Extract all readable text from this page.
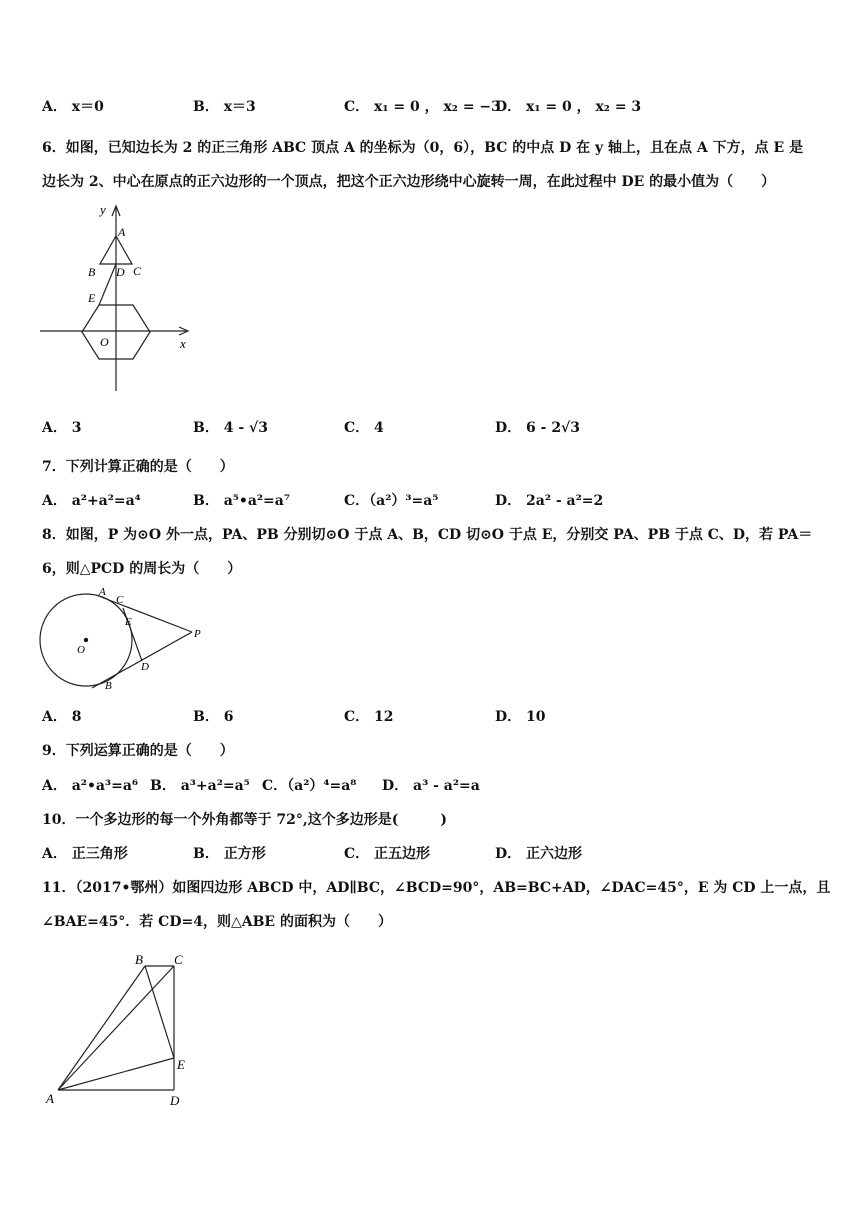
A． x＝0	B． x＝3	C． x₁ = 0 ， x₂ = −3
D． x₁ = 0 ， x₂ = 3
6．如图，已知边长为 2 的正三角形 ABC 顶点 A 的坐标为（0，6），BC 的中点 D 在 y 轴上，且在点 A 下方，点 E 是
边长为 2、中心在原点的正六边形的一个顶点，把这个正六边形绕中心旋转一周，在此过程中 DE 的最小值为（　　）
y
x
A
B D C
E
O
A． 3	B． 4 - √3	C． 4	D． 6 - 2√3
7．下列计算正确的是（　　）
A． a²+a²=a⁴	B． a⁵•a²=a⁷	C．（a²）³=a⁵	D． 2a² - a²=2
8．如图，P 为⊙O 外一点，PA、PB 分别切⊙O 于点 A、B，CD 切⊙O 于点 E，分别交 PA、PB 于点 C、D，若 PA＝
6，则△PCD 的周长为（　　）
A
C
E
P
O
D
B
A． 8	B． 6	C． 12	D． 10
9．下列运算正确的是（　　）
A． a²•a³=a⁶ B． a³+a²=a⁵ C．（a²）⁴=a⁸ D． a³ - a²=a
10．一个多边形的每一个外角都等于 72°,这个多边形是(　　　)
A． 正三角形	B． 正方形	C． 正五边形	D． 正六边形
11．（2017•鄂州）如图四边形 ABCD 中，AD∥BC，∠BCD=90°，AB=BC+AD，∠DAC=45°，E 为 CD 上一点，且
∠BAE=45°．若 CD=4，则△ABE 的面积为（　　）
B C
E
A	D
